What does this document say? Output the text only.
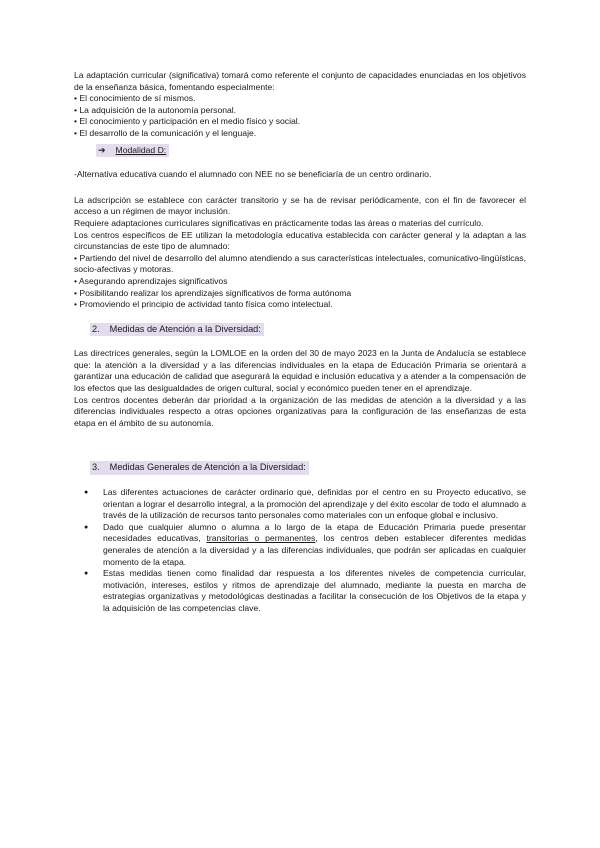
La adaptación curricular (significativa) tomará como referente el conjunto de capacidades enunciadas en los objetivos de la enseñanza básica, fomentando especialmente:

• El conocimiento de sí mismos.

• La adquisición de la autonomía personal.

• El conocimiento y participación en el medio físico y social.

• El desarrollo de la comunicación y el lenguaje.

➔ Modalidad D:

-Alternativa educativa cuando el alumnado con NEE no se beneficiaría de un centro ordinario.

La adscripción se establece con carácter transitorio y se ha de revisar periódicamente, con el fin de favorecer el acceso a un régimen de mayor inclusión.

Requiere adaptaciones curriculares significativas en prácticamente todas las áreas o materias del currículo.

Los centros específicos de EE utilizan la metodología educativa establecida con carácter general y la adaptan a las circunstancias de este tipo de alumnado:

• Partiendo del nivel de desarrollo del alumno atendiendo a sus características intelectuales, comunicativo-lingüísticas, socio-afectivas y motoras.

• Asegurando aprendizajes significativos

• Posibilitando realizar los aprendizajes significativos de forma autónoma

• Promoviendo el principio de actividad tanto física como intelectual.

2. Medidas de Atención a la Diversidad:

Las directrices generales, según la LOMLOE en la orden del 30 de mayo 2023 en la Junta de Andalucía se establece que: la atención a la diversidad y a las diferencias individuales en la etapa de Educación Primaria se orientará a garantizar una educación de calidad que asegurará la equidad e inclusión educativa y a atender a la compensación de los efectos que las desigualdades de origen cultural, social y económico pueden tener en el aprendizaje.

Los centros docentes deberán dar prioridad a la organización de las medidas de atención a la diversidad y a las diferencias individuales respecto a otras opciones organizativas para la configuración de las enseñanzas de esta etapa en el ámbito de su autonomía.

3. Medidas Generales de Atención a la Diversidad:
● Las diferentes actuaciones de carácter ordinario que, definidas por el centro en su Proyecto educativo, se orientan a lograr el desarrollo integral, a la promoción del aprendizaje y del éxito escolar de todo el alumnado a través de la utilización de recursos tanto personales como materiales con un enfoque global e inclusivo.
● Dado que cualquier alumno o alumna a lo largo de la etapa de Educación Primaria puede presentar necesidades educativas, transitorias o permanentes, los centros deben establecer diferentes medidas generales de atención a la diversidad y a las diferencias individuales, que podrán ser aplicadas en cualquier momento de la etapa.
● Estas medidas tienen como finalidad dar respuesta a los diferentes niveles de competencia curricular, motivación, intereses, estilos y ritmos de aprendizaje del alumnado, mediante la puesta en marcha de estrategias organizativas y metodológicas destinadas a facilitar la consecución de los Objetivos de la etapa y la adquisición de las competencias clave.
